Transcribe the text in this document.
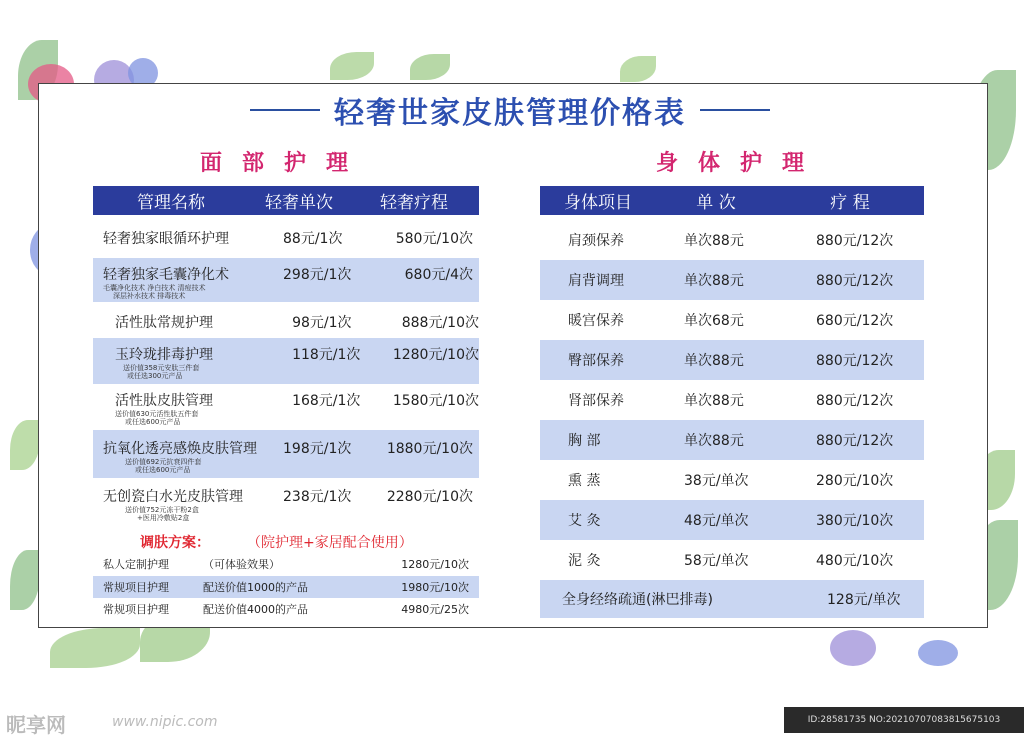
轻奢世家皮肤管理价格表
面部护理
管理名称	轻奢单次	轻奢疗程
轻奢独家眼循环护理	88元/1次	580元/10次
轻奢独家毛囊净化术
毛囊净化技术 净白技术 清痘技术
深层补水技术 排毒技术
298元/1次	680元/4次
活性肽常规护理	98元/1次	888元/10次
玉玲珑排毒护理
送价值358元安肽三件套
或任选300元产品
118元/1次	1280元/10次
活性肽皮肤管理
送价值630元活性肽五件套
或任选600元产品
168元/1次	1580元/10次
抗氧化透亮感焕皮肤管理
送价值692元抗衰四件套
或任选600元产品
198元/1次	1880元/10次
无创瓷白水光皮肤管理
送价值752元冻干粉2盒
+医用冷敷贴2盒
238元/1次	2280元/10次
调肤方案：	（院护理+家居配合使用）
私人定制护理	（可体验效果）	1280元/10次
常规项目护理	配送价值1000的产品	1980元/10次
常规项目护理	配送价值4000的产品	4980元/25次
身体护理
身体项目	单 次	疗 程
肩颈保养	单次88元	880元/12次
肩背调理	单次88元	880元/12次
暖宫保养	单次68元	680元/12次
臀部保养	单次88元	880元/12次
肾部保养	单次88元	880元/12次
胸 部	单次88元	880元/12次
熏 蒸	38元/单次	280元/10次
艾 灸	48元/单次	380元/10次
泥 灸	58元/单次	480元/10次
全身经络疏通(淋巴排毒)	128元/单次
昵享网	www.nipic.com	ID:28581735 NO:20210707083815675103
